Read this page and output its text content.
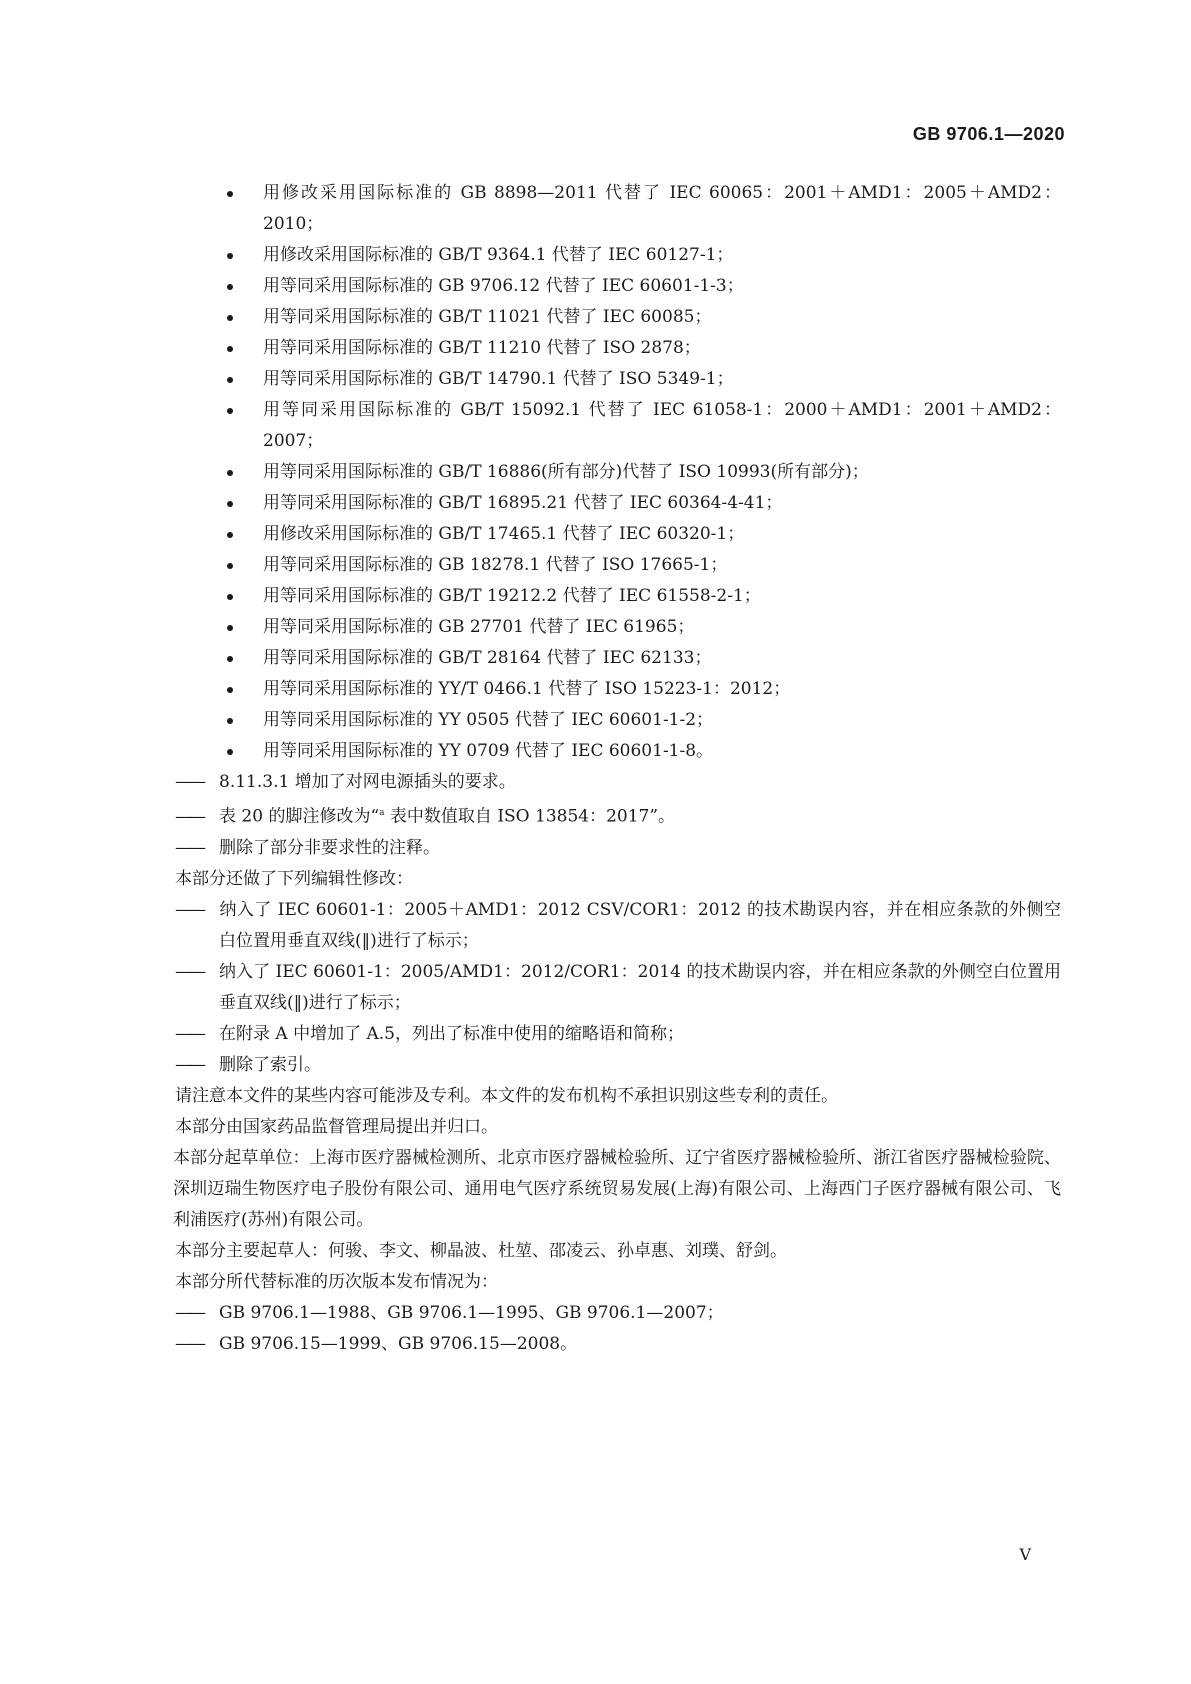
GB 9706.1—2020
用修改采用国际标准的 GB 8898—2011 代替了 IEC 60065：2001＋AMD1：2005＋AMD2：2010；
用修改采用国际标准的 GB/T 9364.1 代替了 IEC 60127-1；
用等同采用国际标准的 GB 9706.12 代替了 IEC 60601-1-3；
用等同采用国际标准的 GB/T 11021 代替了 IEC 60085；
用等同采用国际标准的 GB/T 11210 代替了 ISO 2878；
用等同采用国际标准的 GB/T 14790.1 代替了 ISO 5349-1；
用等同采用国际标准的 GB/T 15092.1 代替了 IEC 61058-1：2000＋AMD1：2001＋AMD2：2007；
用等同采用国际标准的 GB/T 16886(所有部分)代替了 ISO 10993(所有部分)；
用等同采用国际标准的 GB/T 16895.21 代替了 IEC 60364-4-41；
用修改采用国际标准的 GB/T 17465.1 代替了 IEC 60320-1；
用等同采用国际标准的 GB 18278.1 代替了 ISO 17665-1；
用等同采用国际标准的 GB/T 19212.2 代替了 IEC 61558-2-1；
用等同采用国际标准的 GB 27701 代替了 IEC 61965；
用等同采用国际标准的 GB/T 28164 代替了 IEC 62133；
用等同采用国际标准的 YY/T 0466.1 代替了 ISO 15223-1：2012；
用等同采用国际标准的 YY 0505 代替了 IEC 60601-1-2；
用等同采用国际标准的 YY 0709 代替了 IEC 60601-1-8。
—— 8.11.3.1 增加了对网电源插头的要求。
—— 表 20 的脚注修改为“$^a$ 表中数值取自 ISO 13854：2017”。
—— 删除了部分非要求性的注释。
本部分还做了下列编辑性修改：
—— 纳入了 IEC 60601-1：2005＋AMD1：2012 CSV/COR1：2012 的技术勘误内容，并在相应条款的外侧空白位置用垂直双线(‖)进行了标示；
—— 纳入了 IEC 60601-1：2005/AMD1：2012/COR1：2014 的技术勘误内容，并在相应条款的外侧空白位置用垂直双线(‖)进行了标示；
—— 在附录 A 中增加了 A.5，列出了标准中使用的缩略语和简称；
—— 删除了索引。
请注意本文件的某些内容可能涉及专利。本文件的发布机构不承担识别这些专利的责任。
本部分由国家药品监督管理局提出并归口。
本部分起草单位：上海市医疗器械检测所、北京市医疗器械检验所、辽宁省医疗器械检验所、浙江省医疗器械检验院、深圳迈瑞生物医疗电子股份有限公司、通用电气医疗系统贸易发展(上海)有限公司、上海西门子医疗器械有限公司、飞利浦医疗(苏州)有限公司。
本部分主要起草人：何骏、李文、柳晶波、杜堃、邵凌云、孙卓惠、刘璞、舒剑。
本部分所代替标准的历次版本发布情况为：
—— GB 9706.1—1988、GB 9706.1—1995、GB 9706.1—2007；
—— GB 9706.15—1999、GB 9706.15—2008。
V
